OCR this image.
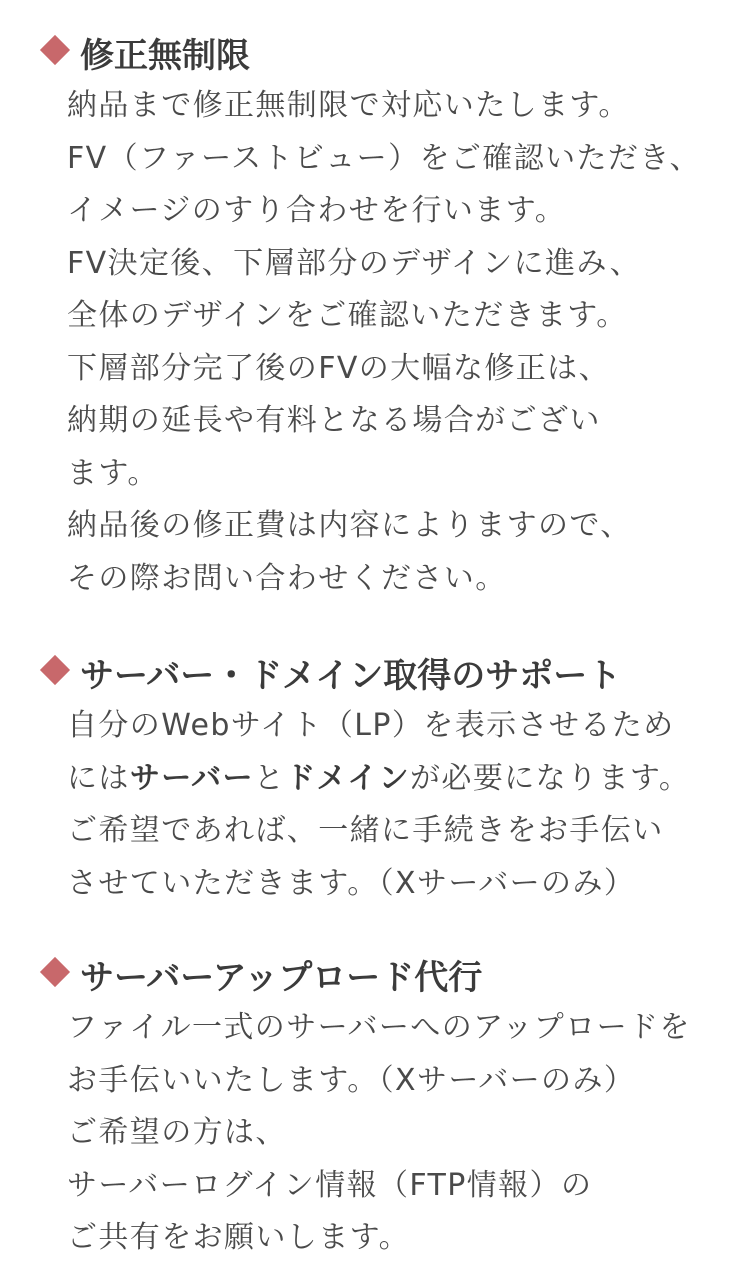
修正無制限
納品まで修正無制限で対応いたします。
FV（ファーストビュー）をご確認いただき、
イメージのすり合わせを行います。
FV決定後、下層部分のデザインに進み、
全体のデザインをご確認いただきます。
下層部分完了後のFVの大幅な修正は、
納期の延長や有料となる場合がござい
ます。
納品後の修正費は内容によりますので、
その際お問い合わせください。
サーバー・ドメイン取得のサポート
自分のWebサイト（LP）を表示させるため
にはサーバーとドメインが必要になります。
ご希望であれば、一緒に手続きをお手伝い
させていただきます。（Xサーバーのみ）
サーバーアップロード代行
ファイル一式のサーバーへのアップロードを
お手伝いいたします。（Xサーバーのみ）
ご希望の方は、
サーバーログイン情報（FTP情報）の
ご共有をお願いします。
